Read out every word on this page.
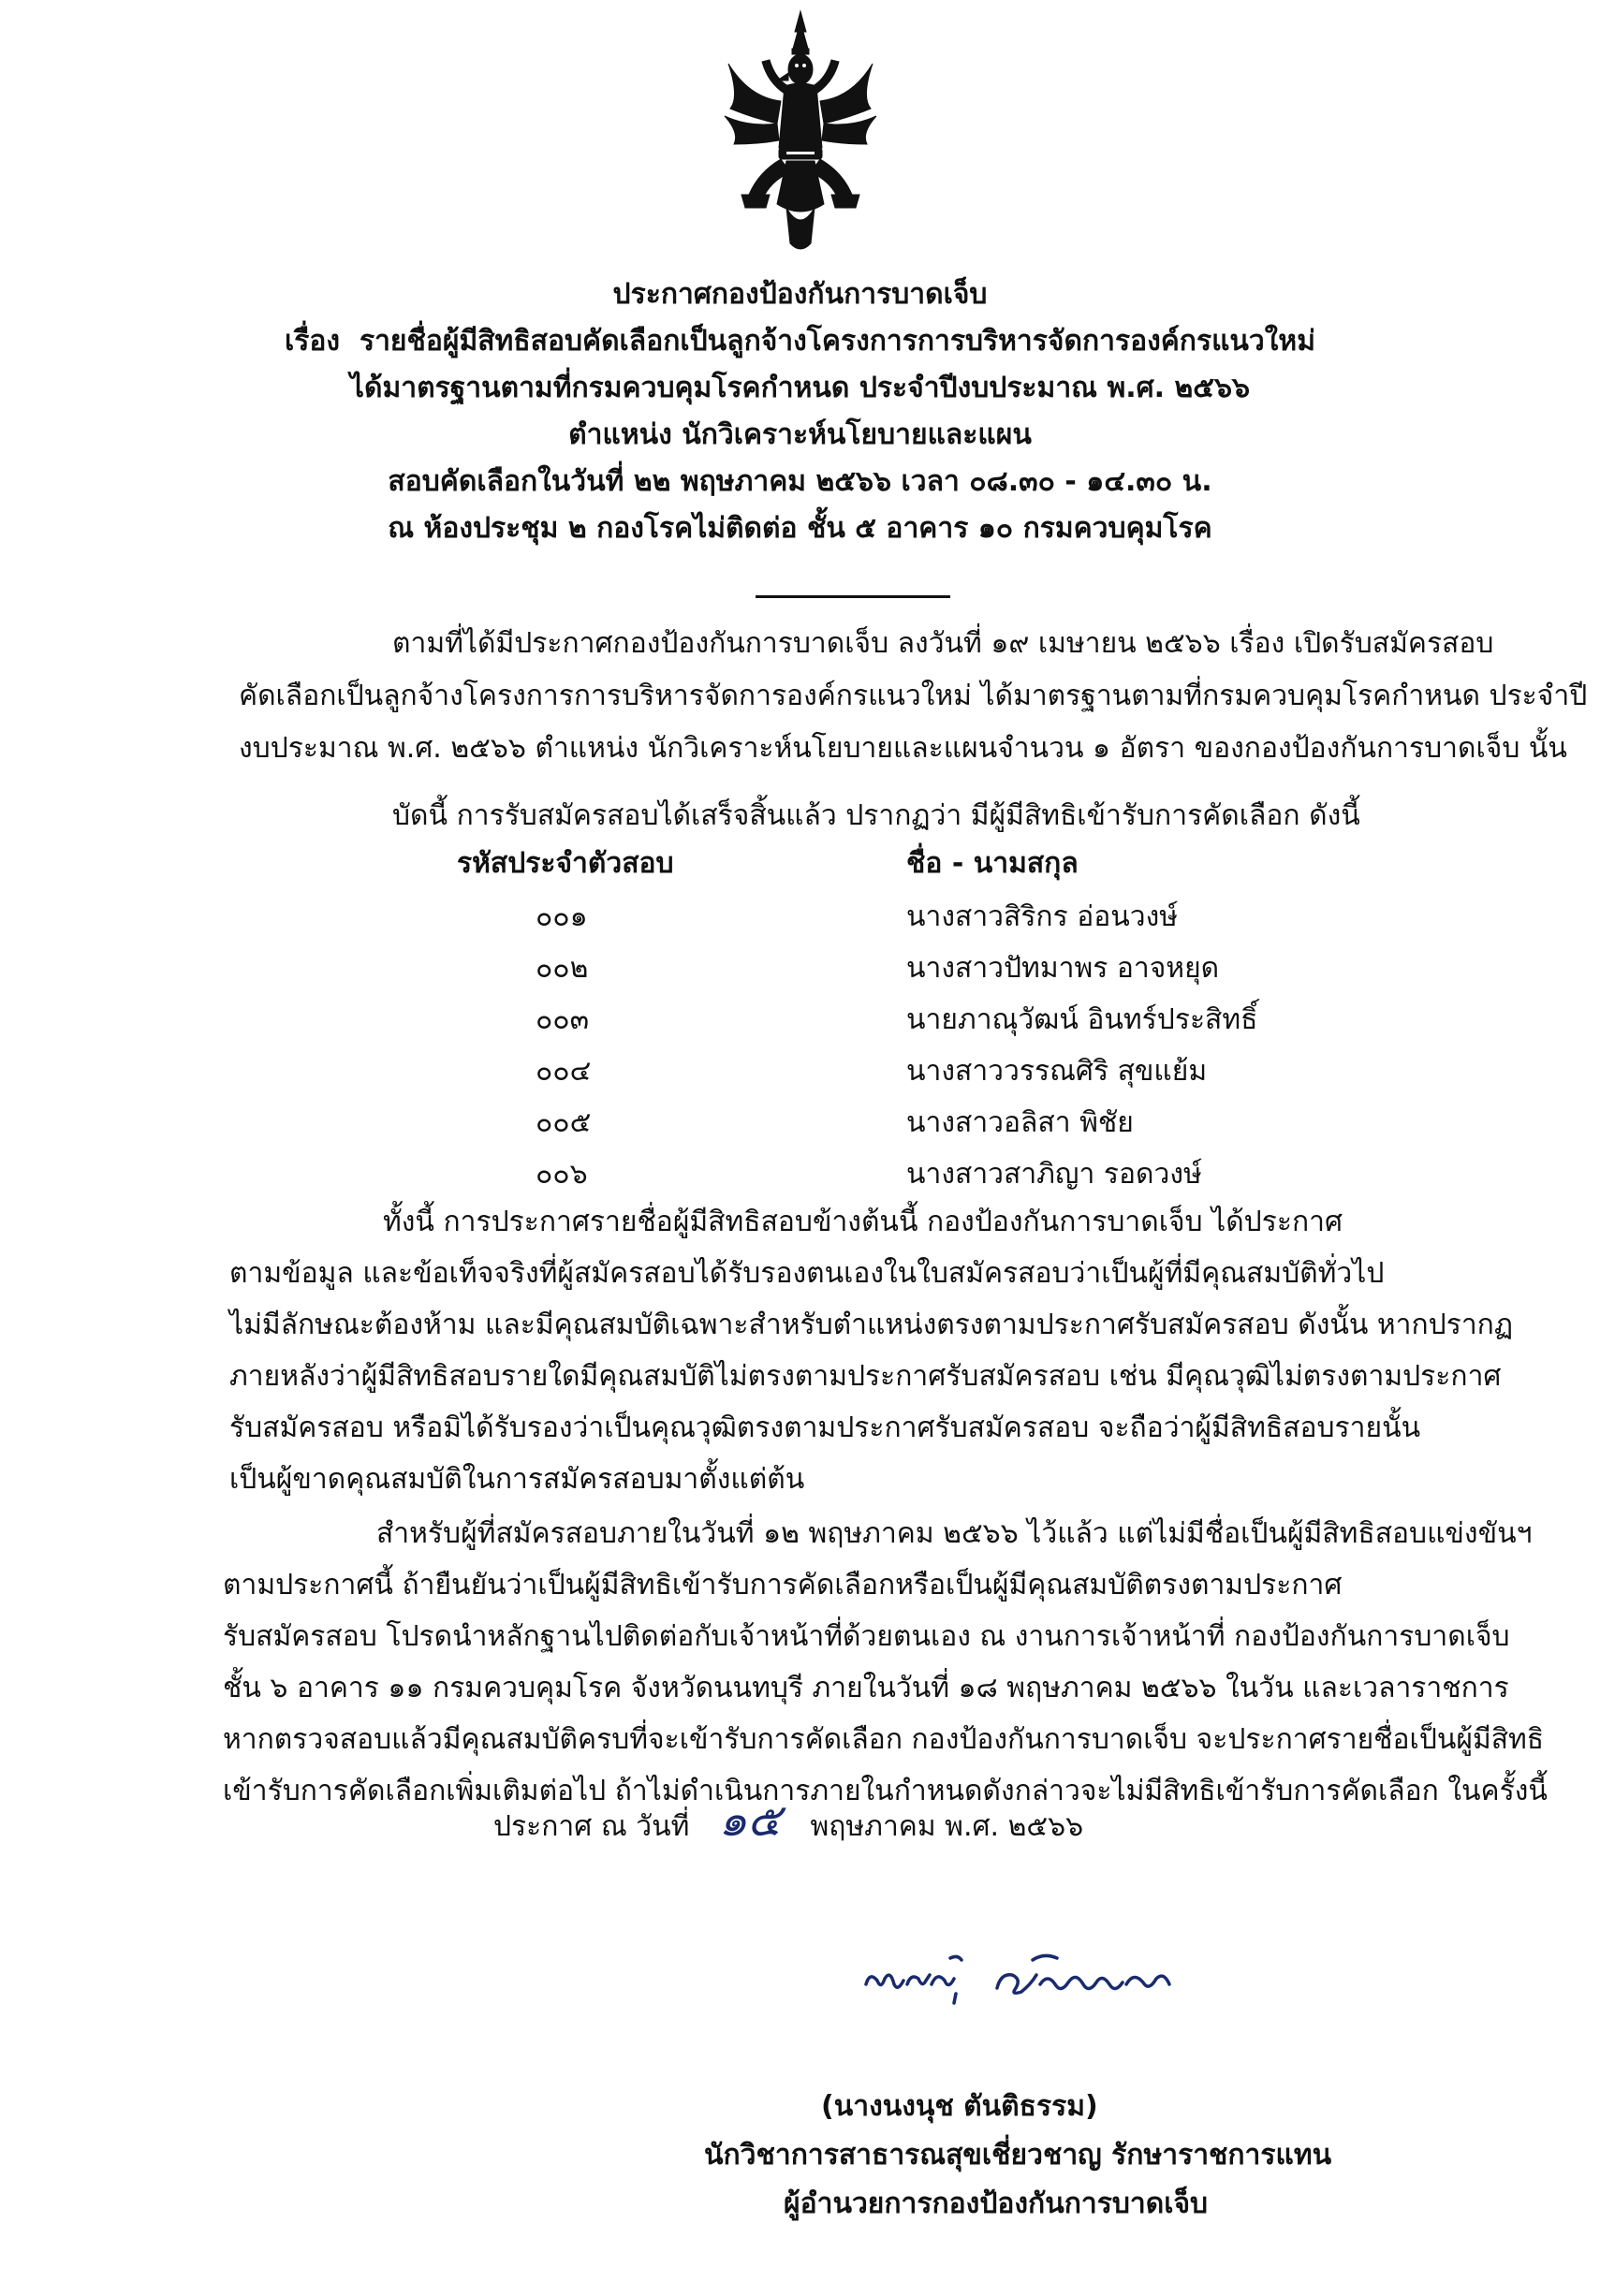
ประกาศกองป้องกันการบาดเจ็บ
เรื่อง รายชื่อผู้มีสิทธิสอบคัดเลือกเป็นลูกจ้างโครงการการบริหารจัดการองค์กรแนวใหม่
ได้มาตรฐานตามที่กรมควบคุมโรคกำหนด ประจำปีงบประมาณ พ.ศ. ๒๕๖๖
ตำแหน่ง นักวิเคราะห์นโยบายและแผน
สอบคัดเลือกในวันที่ ๒๒ พฤษภาคม ๒๕๖๖ เวลา ๐๘.๓๐ - ๑๔.๓๐ น.
ณ ห้องประชุม ๒ กองโรคไม่ติดต่อ ชั้น ๕ อาคาร ๑๐ กรมควบคุมโรค
ตามที่ได้มีประกาศกองป้องกันการบาดเจ็บ ลงวันที่ ๑๙ เมษายน ๒๕๖๖ เรื่อง เปิดรับสมัครสอบ
คัดเลือกเป็นลูกจ้างโครงการการบริหารจัดการองค์กรแนวใหม่ ได้มาตรฐานตามที่กรมควบคุมโรคกำหนด ประจำปี
งบประมาณ พ.ศ. ๒๕๖๖ ตำแหน่ง นักวิเคราะห์นโยบายและแผนจำนวน ๑ อัตรา ของกองป้องกันการบาดเจ็บ นั้น
บัดนี้ การรับสมัครสอบได้เสร็จสิ้นแล้ว ปรากฏว่า มีผู้มีสิทธิเข้ารับการคัดเลือก ดังนี้
รหัสประจำตัวสอบ	ชื่อ - นามสกุล
๐๐๑	นางสาวสิริกร อ่อนวงษ์
๐๐๒	นางสาวปัทมาพร อาจหยุด
๐๐๓	นายภาณุวัฒน์ อินทร์ประสิทธิ์
๐๐๔	นางสาววรรณศิริ สุขแย้ม
๐๐๕	นางสาวอลิสา พิชัย
๐๐๖	นางสาวสาภิญา รอดวงษ์
ทั้งนี้ การประกาศรายชื่อผู้มีสิทธิสอบข้างต้นนี้ กองป้องกันการบาดเจ็บ ได้ประกาศ
ตามข้อมูล และข้อเท็จจริงที่ผู้สมัครสอบได้รับรองตนเองในใบสมัครสอบว่าเป็นผู้ที่มีคุณสมบัติทั่วไป
ไม่มีลักษณะต้องห้าม และมีคุณสมบัติเฉพาะสำหรับตำแหน่งตรงตามประกาศรับสมัครสอบ ดังนั้น หากปรากฏ
ภายหลังว่าผู้มีสิทธิสอบรายใดมีคุณสมบัติไม่ตรงตามประกาศรับสมัครสอบ เช่น มีคุณวุฒิไม่ตรงตามประกาศ
รับสมัครสอบ หรือมิได้รับรองว่าเป็นคุณวุฒิตรงตามประกาศรับสมัครสอบ จะถือว่าผู้มีสิทธิสอบรายนั้น
เป็นผู้ขาดคุณสมบัติในการสมัครสอบมาตั้งแต่ต้น
สำหรับผู้ที่สมัครสอบภายในวันที่ ๑๒ พฤษภาคม ๒๕๖๖ ไว้แล้ว แต่ไม่มีชื่อเป็นผู้มีสิทธิสอบแข่งขันฯ
ตามประกาศนี้ ถ้ายืนยันว่าเป็นผู้มีสิทธิเข้ารับการคัดเลือกหรือเป็นผู้มีคุณสมบัติตรงตามประกาศ
รับสมัครสอบ โปรดนำหลักฐานไปติดต่อกับเจ้าหน้าที่ด้วยตนเอง ณ งานการเจ้าหน้าที่ กองป้องกันการบาดเจ็บ
ชั้น ๖ อาคาร ๑๑ กรมควบคุมโรค จังหวัดนนทบุรี ภายในวันที่ ๑๘ พฤษภาคม ๒๕๖๖ ในวัน และเวลาราชการ
หากตรวจสอบแล้วมีคุณสมบัติครบที่จะเข้ารับการคัดเลือก กองป้องกันการบาดเจ็บ จะประกาศรายชื่อเป็นผู้มีสิทธิ
เข้ารับการคัดเลือกเพิ่มเติมต่อไป ถ้าไม่ดำเนินการภายในกำหนดดังกล่าวจะไม่มีสิทธิเข้ารับการคัดเลือก ในครั้งนี้
ประกาศ ณ วันที่ ๑๕ พฤษภาคม พ.ศ. ๒๕๖๖
(นางนงนุช ตันติธรรม)
นักวิชาการสาธารณสุขเชี่ยวชาญ รักษาราชการแทน
ผู้อำนวยการกองป้องกันการบาดเจ็บ
